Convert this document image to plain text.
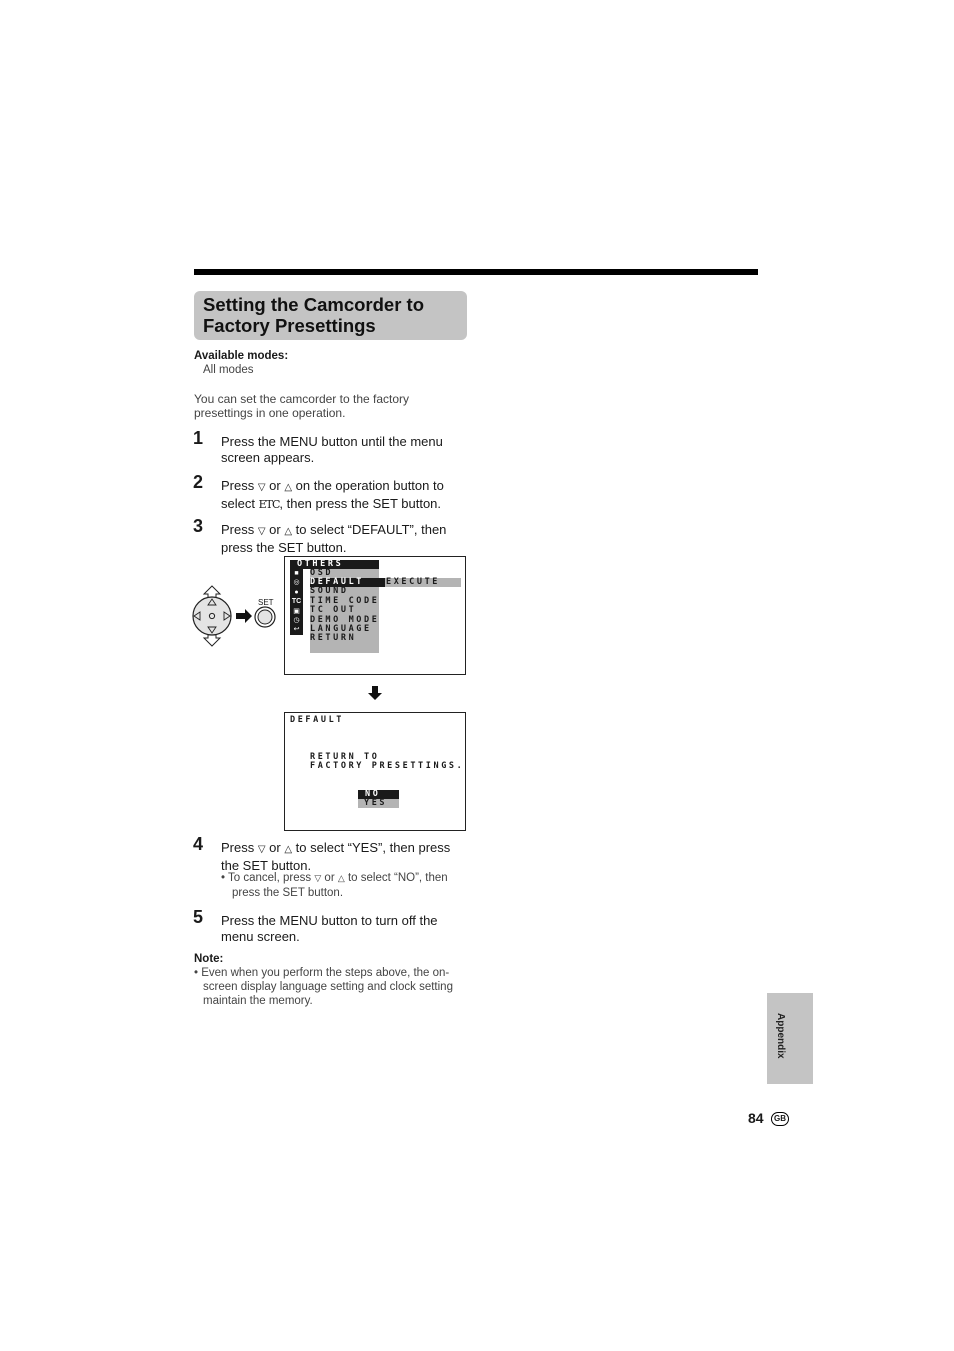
Setting the Camcorder to
Factory Presettings
Available modes:
All modes
You can set the camcorder to the factory presettings in one operation.
1 Press the MENU button until the menu screen appears.
2 Press ▽ or △ on the operation button to select ETC, then press the SET button.
3 Press ▽ or △ to select “DEFAULT”, then press the SET button.
SET
OTHERS
■
◎
●
TC
▣
◷
↩
OSD
DEFAULT	EXECUTE
SOUND
TIME CODE
TC OUT
DEMO MODE
LANGUAGE
RETURN
DEFAULT
RETURN TO
FACTORY PRESETTINGS.
NO
YES
4 Press ▽ or △ to select “YES”, then press the SET button.
• To cancel, press ▽ or △ to select “NO”, then press the SET button.
5 Press the MENU button to turn off the menu screen.
Note:
• Even when you perform the steps above, the on-screen display language setting and clock setting maintain the memory.
Appendix
84	GB
